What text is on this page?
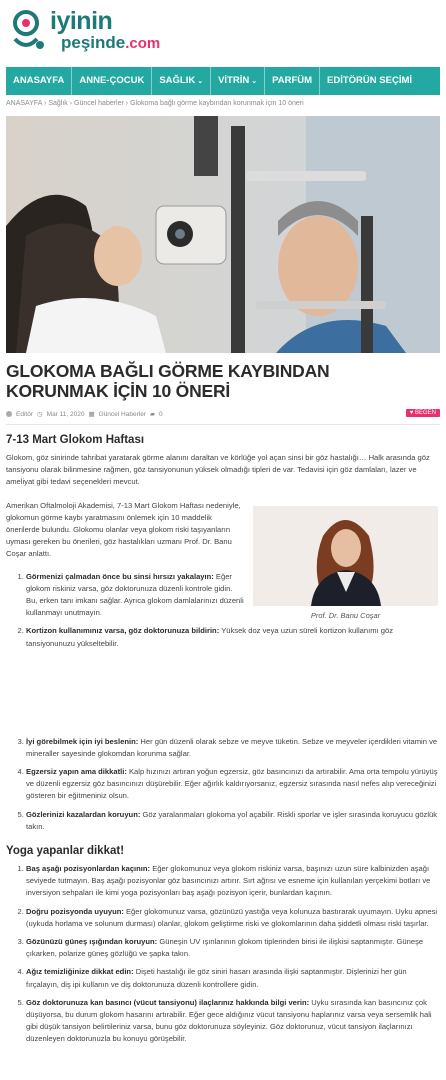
iyinin
peşinde.com
ANASAYFA	ANNE-ÇOCUK	SAĞLIK ⌄	VİTRİN ⌄	PARFÜM	EDİTÖRÜN SEÇİMİ
ANASAYFA › Sağlık › Güncel haberler › Glokoma bağlı görme kaybından korunmak için 10 öneri
GLOKOMA BAĞLI GÖRME KAYBINDAN KORUNMAK İÇİN 10 ÖNERİ
Editör ◷ Mar 11, 2020 ▦ Güncel Haberler ▰ 0	♥ BEĞEN
7-13 Mart Glokom Haftası

Glokom, göz sinirinde tahribat yaratarak görme alanını daraltan ve körlüğe yol açan sinsi bir göz hastalığı… Halk arasında göz tansiyonu olarak bilinmesine rağmen, göz tansiyonunun yüksek olmadığı tipleri de var. Tedavisi için göz damlaları, lazer ve ameliyat gibi tedavi seçenekleri mevcut.

Amerikan Oftalmoloji Akademisi, 7-13 Mart Glokom Haftası nedeniyle, glokomun görme kaybı yaratmasını önlemek için 10 maddelik önerilerde bulundu. Glokomu olanlar veya glokom riski taşıyanların uyması gereken bu önerileri, göz hastalıkları uzmanı Prof. Dr. Banu Coşar anlattı.

1. Görmenizi çalmadan önce bu sinsi hırsızı yakalayın: Eğer glokom riskiniz varsa, göz doktorunuza düzenli kontrole gidin. Bu, erken tanı imkanı sağlar. Ayrıca glokom damlalarınızı düzenli kullanmayı unutmayın.
2. Kortizon kullanımınız varsa, göz doktorunuza bildirin: Yüksek doz veya uzun süreli kortizon kullanımı göz tansiyonunuzu yükseltebilir.
Prof. Dr. Banu Coşar
3. İyi görebilmek için iyi beslenin: Her gün düzenli olarak sebze ve meyve tüketin. Sebze ve meyveler içerdikleri vitamin ve mineraller sayesinde glokomdan korunma sağlar.
4. Egzersiz yapın ama dikkatli: Kalp hızınızı artıran yoğun egzersiz, göz basıncınızı da artırabilir. Ama orta tempolu yürüyüş ve düzenli egzersiz göz basıncınızı düşürebilir. Eğer ağırlık kaldırıyorsanız, egzersiz sırasında nasıl nefes alıp vereceğinizi gösteren bir eğitmeniniz olsun.
5. Gözlerinizi kazalardan koruyun: Göz yaralanmaları glokoma yol açabilir. Riskli sporlar ve işler sırasında koruyucu gözlük takın.
Yoga yapanlar dikkat!
1. Baş aşağı pozisyonlardan kaçının: Eğer glokomunuz veya glokom riskiniz varsa, başınızı uzun süre kalbinizden aşağı seviyede tutmayın. Baş aşağı pozisyonlar göz basıncınızı artırır. Sırt ağrısı ve esneme için kullanılan yerçekimi botları ve inversiyon sehpaları ile kimi yoga pozisyonları baş aşağı pozisyon içerir, bunlardan kaçının.
2. Doğru pozisyonda uyuyun: Eğer glokomunuz varsa, gözünüzü yastığa veya kolunuza bastırarak uyumayın. Uyku apnesi (uykuda horlama ve solunum durması) olanlar, glokom geliştirme riski ve glokomlarının daha şiddetli olması riski taşırlar.
3. Gözünüzü güneş ışığından koruyun: Güneşin UV ışınlarının glokom tiplerinden birisi ile ilişkisi saptanmıştır. Güneşe çıkarken, polarize güneş gözlüğü ve şapka takın.
4. Ağız temizliğinize dikkat edin: Dişeti hastalığı ile göz siniri hasarı arasında ilişki saptanmıştır. Dişlerinizi her gün fırçalayın, diş ipi kullanın ve diş doktorunuza düzenli kontrollere gidin.
5. Göz doktorunuza kan basıncı (vücut tansiyonu) ilaçlarınız hakkında bilgi verin: Uyku sırasında kan basıncınız çok düşüyorsa, bu durum glokom hasarını artırabilir. Eğer gece aldığınız vücut tansiyonu haplarınız varsa veya sersemlik hali gibi düşük tansiyon belirtileriniz varsa, bunu göz doktorunuza söyleyiniz. Göz doktorunuz, vücut tansiyon ilaçlarınızı düzenleyen doktorunuzla bu konuyu görüşebilir.
